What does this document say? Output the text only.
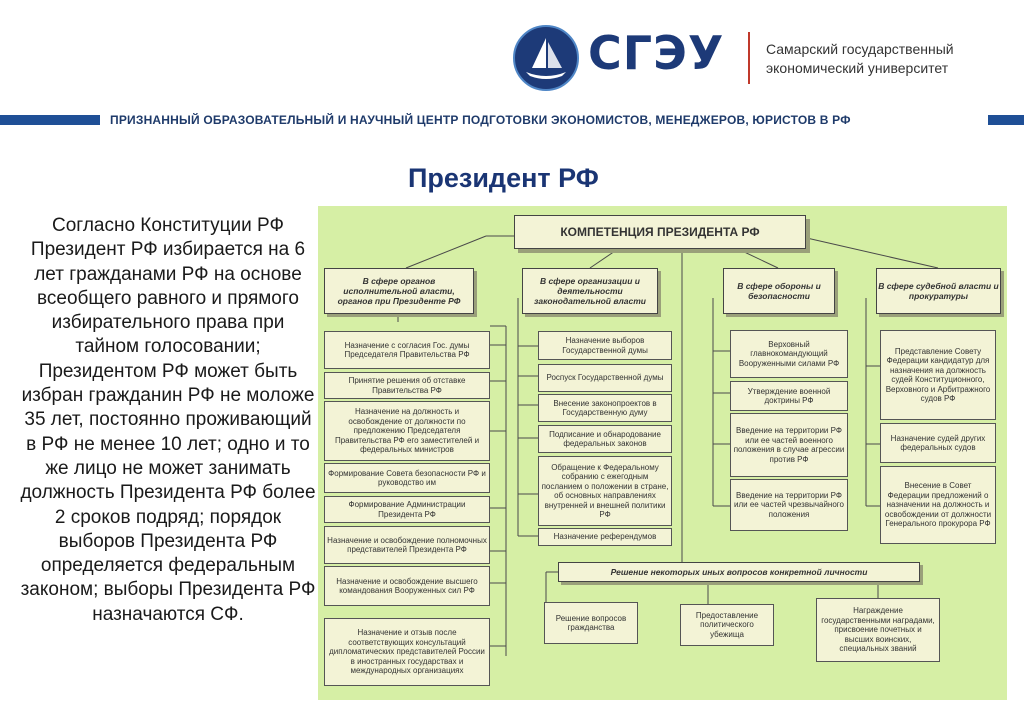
СГЭУ	Самарский государственный
экономический университет
ПРИЗНАННЫЙ ОБРАЗОВАТЕЛЬНЫЙ И НАУЧНЫЙ ЦЕНТР ПОДГОТОВКИ ЭКОНОМИСТОВ, МЕНЕДЖЕРОВ, ЮРИСТОВ В РФ
Президент РФ
Согласно Конституции РФ Президент РФ избирается на 6 лет гражданами РФ на основе всеобщего равного и прямого избирательного права при тайном голосовании; Президентом РФ может быть избран гражданин РФ не моложе 35 лет, постоянно проживающий в РФ не менее 10 лет; одно и то же лицо не может занимать должность Президента РФ более 2 сроков подряд; порядок выборов Президента РФ определяется федеральным законом; выборы Президента РФ назначаются СФ.
КОМПЕТЕНЦИЯ ПРЕЗИДЕНТА РФ
В сфере органов исполнительной власти, органов при Президенте РФ
Назначение с согласия Гос. думы Председателя Правительства РФ
Принятие решения об отставке Правительства РФ
Назначение на должность и освобождение от должности по предложению Председателя Правительства РФ его заместителей и федеральных министров
Формирование Совета безопасности РФ и руководство им
Формирование Администрации Президента РФ
Назначение и освобождение полномочных представителей Президента РФ
Назначение и освобождение высшего командования Вооруженных сил РФ
Назначение и отзыв после соответствующих консультаций дипломатических представителей России в иностранных государствах и международных организациях
В сфере организации и деятельности законодательной власти
Назначение выборов Государственной думы
Роспуск Государственной думы
Внесение законопроектов в Государственную думу
Подписание и обнародование федеральных законов
Обращение к Федеральному собранию с ежегодным посланием о положении в стране, об основных направлениях внутренней и внешней политики РФ
Назначение референдумов
В сфере обороны и безопасности
Верховный главнокомандующий Вооруженными силами РФ
Утверждение военной доктрины РФ
Введение на территории РФ или ее частей военного положения в случае агрессии против РФ
Введение на территории РФ или ее частей чрезвычайного положения
В сфере судебной власти и прокуратуры
Представление Совету Федерации кандидатур для назначения на должность судей Конституционного, Верховного и Арбитражного судов РФ
Назначение судей других федеральных судов
Внесение в Совет Федерации предложений о назначении на должность и освобождении от должности Генерального прокурора РФ
Решение некоторых иных вопросов конкретной личности
Решение вопросов гражданства
Предоставление политического убежища
Награждение государственными наградами, присвоение почетных и высших воинских, специальных званий
